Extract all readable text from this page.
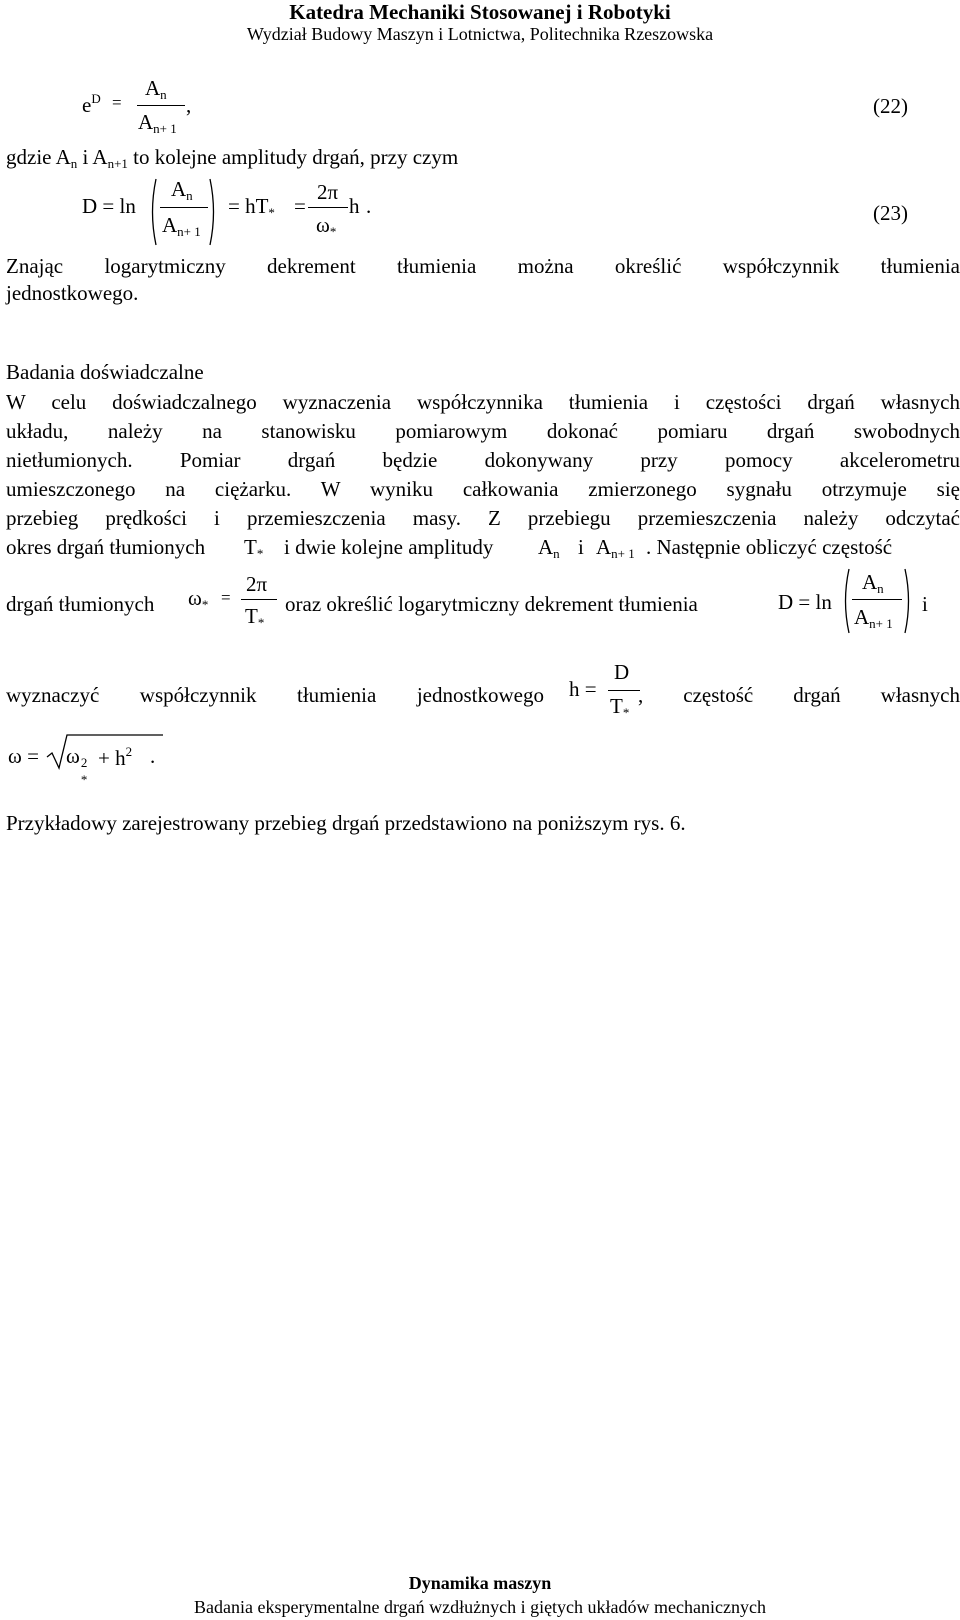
Katedra Mechaniki Stosowanej i Robotyki
Wydział Budowy Maszyn i Lotnictwa, Politechnika Rzeszowska
$e^D$ =
$A_n$
$A_{n+ 1}$
,	(22)
gdzie $A_n$ i $A_{n+1}$ to kolejne amplitudy drgań, przy czym
D = ln
$A_n$
$A_{n+ 1}$
= $hT_*$ =
2π
$\omega_*$
h .	(23)
Znając logarytmiczny dekrement tłumienia można określić współczynnik tłumienia
jednostkowego.
Badania doświadczalne
W celu doświadczalnego wyznaczenia współczynnika tłumienia i częstości drgań własnych
układu, należy na stanowisku pomiarowym dokonać pomiaru drgań swobodnych
nietłumionych. Pomiar drgań będzie dokonywany przy pomocy akcelerometru
umieszczonego na ciężarku. W wyniku całkowania zmierzonego sygnału otrzymuje się
przebieg prędkości i przemieszczenia masy. Z przebiegu przemieszczenia należy odczytać
okres drgań tłumionych $T_*$ i dwie kolejne amplitudy $A_n$ i $A_{n+ 1}$ . Następnie obliczyć częstość
drgań tłumionych $\omega_*$ =
2π
$T_*$
oraz określić logarytmiczny dekrement tłumienia	D = ln
$A_n$
$A_{n+ 1}$
i
wyznaczyć współczynnik tłumienia jednostkowego h =
D
$T_*$
, częstość drgań własnych
ω = ω 2
*
+ $h^2$ .
Przykładowy zarejestrowany przebieg drgań przedstawiono na poniższym rys. 6.
Dynamika maszyn
Badania eksperymentalne drgań wzdłużnych i giętych układów mechanicznych
